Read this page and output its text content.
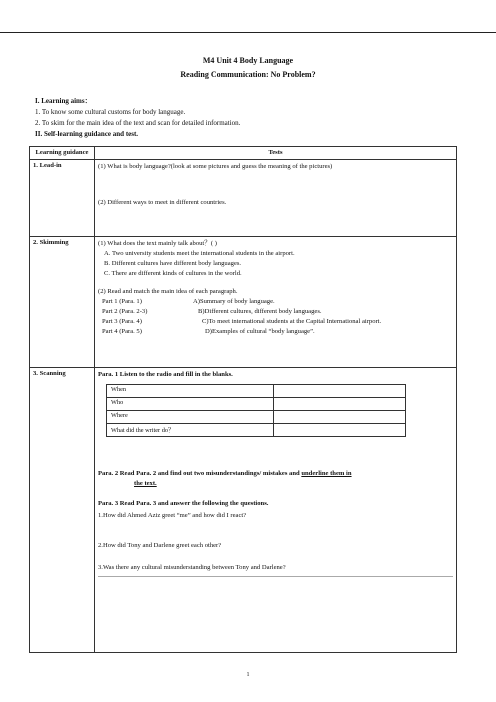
M4 Unit 4 Body Language
Reading Communication: No Problem?
I. Learning aims：
1. To know some cultural customs for body language.
2. To skim for the main idea of the text and scan for detailed information.
II. Self-learning guidance and test.
Learning guidance	Tests
1. Lead-in	(1) What is body language?(look at some pictures and guess the meaning of the pictures)
(2) Different ways to meet in different countries.

2. Skimming	(1) What does the text mainly talk about？( )
A. Two university students meet the international students in the airport.
B. Different cultures have different body languages.
C. There are different kinds of cultures in the world.
(2) Read and match the main idea of each paragraph.
Part 1 (Para. 1)	A)Summary of body language.
Part 2 (Para. 2-3)	B)Different cultures, different body languages.
Part 3 (Para. 4)	C)To meet international students at the Capital International airport.
Part 4 (Para. 5)	D)Examples of cultural “body language”.

3. Scanning	Para. 1 Listen to the radio and fill in the blanks.
When	
Who	
Where	
What did the writer do？	
Para. 2 Read Para. 2 and find out two misunderstandings/ mistakes and underline them in
the text.
Para. 3 Read Para. 3 and answer the following the questions.
1.How did Ahmed Aziz greet “me” and how did I react?
2.How did Tony and Darlene greet each other?
3.Was there any cultural misunderstanding between Tony and Darlene?
1
